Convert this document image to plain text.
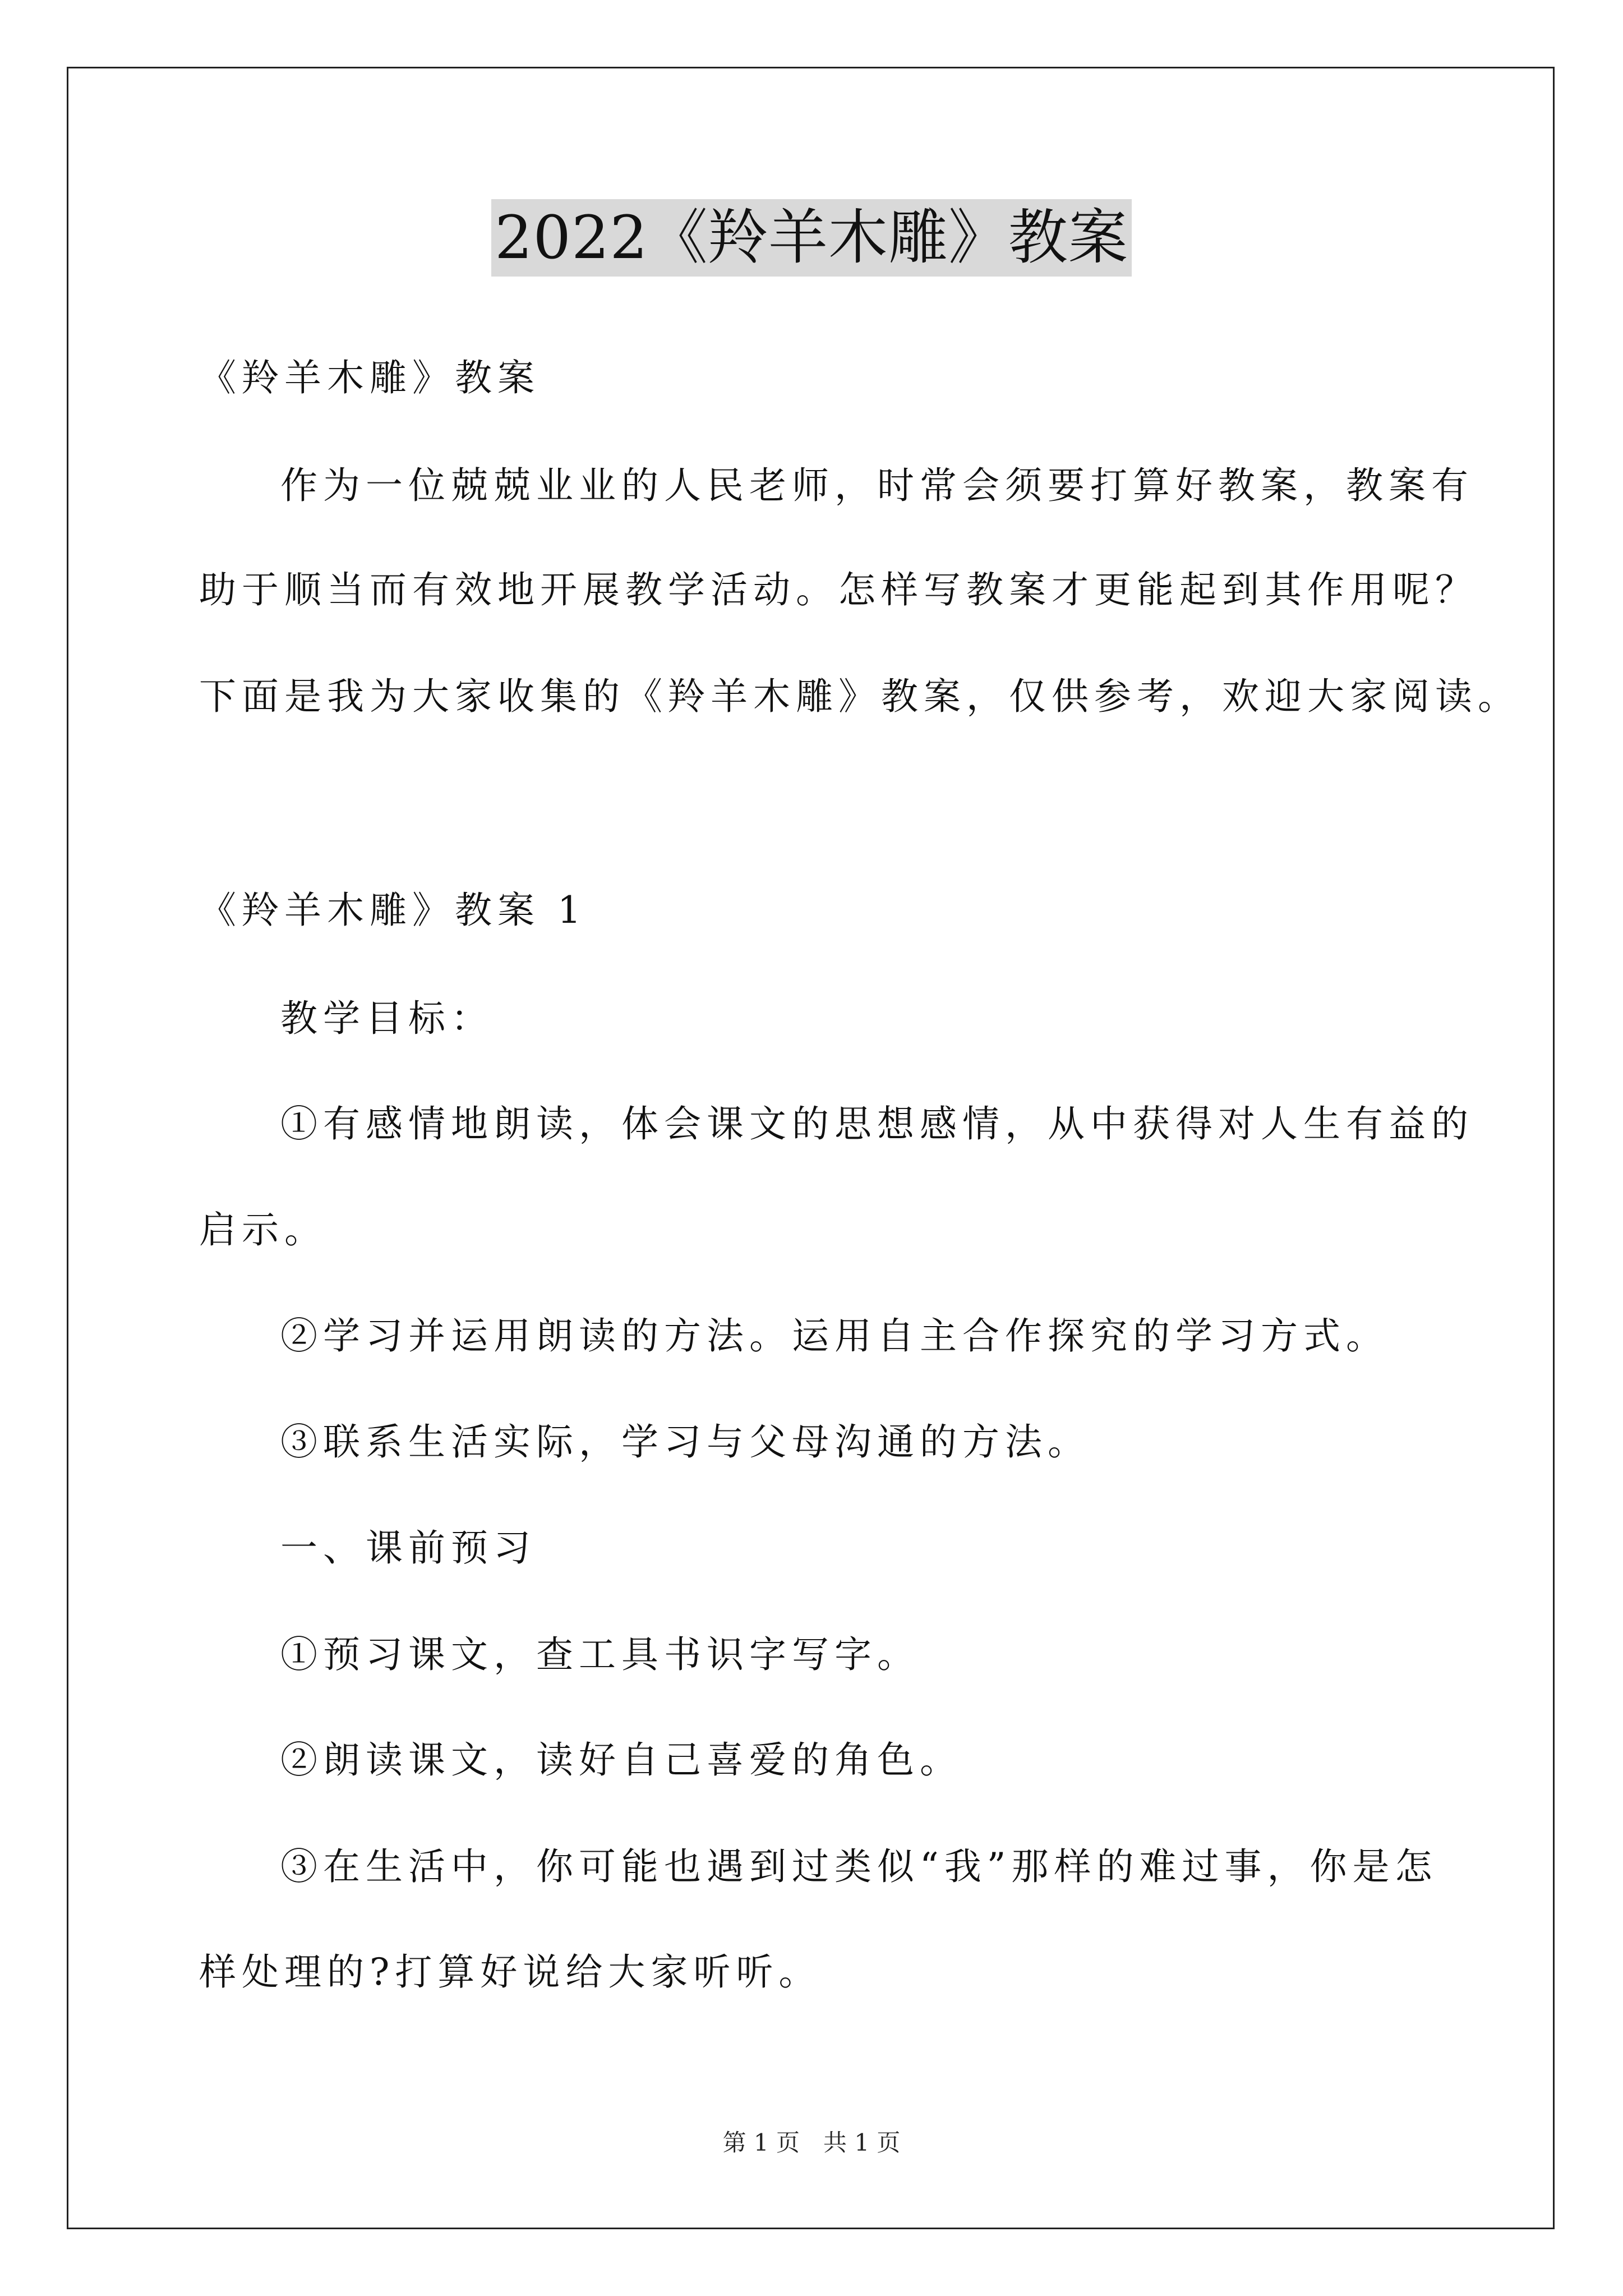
2022《羚羊木雕》教案
《羚羊木雕》教案
作为一位兢兢业业的人民老师，时常会须要打算好教案，教案有
助于顺当而有效地开展教学活动。怎样写教案才更能起到其作用呢？
下面是我为大家收集的《羚羊木雕》教案，仅供参考，欢迎大家阅读。
《羚羊木雕》教案 1
教学目标：
①有感情地朗读，体会课文的思想感情，从中获得对人生有益的
启示。
②学习并运用朗读的方法。运用自主合作探究的学习方式。
③联系生活实际，学习与父母沟通的方法。
一、课前预习
①预习课文，查工具书识字写字。
②朗读课文，读好自己喜爱的角色。
③在生活中，你可能也遇到过类似“我”那样的难过事，你是怎
样处理的?打算好说给大家听听。
第 1 页　共 1 页
